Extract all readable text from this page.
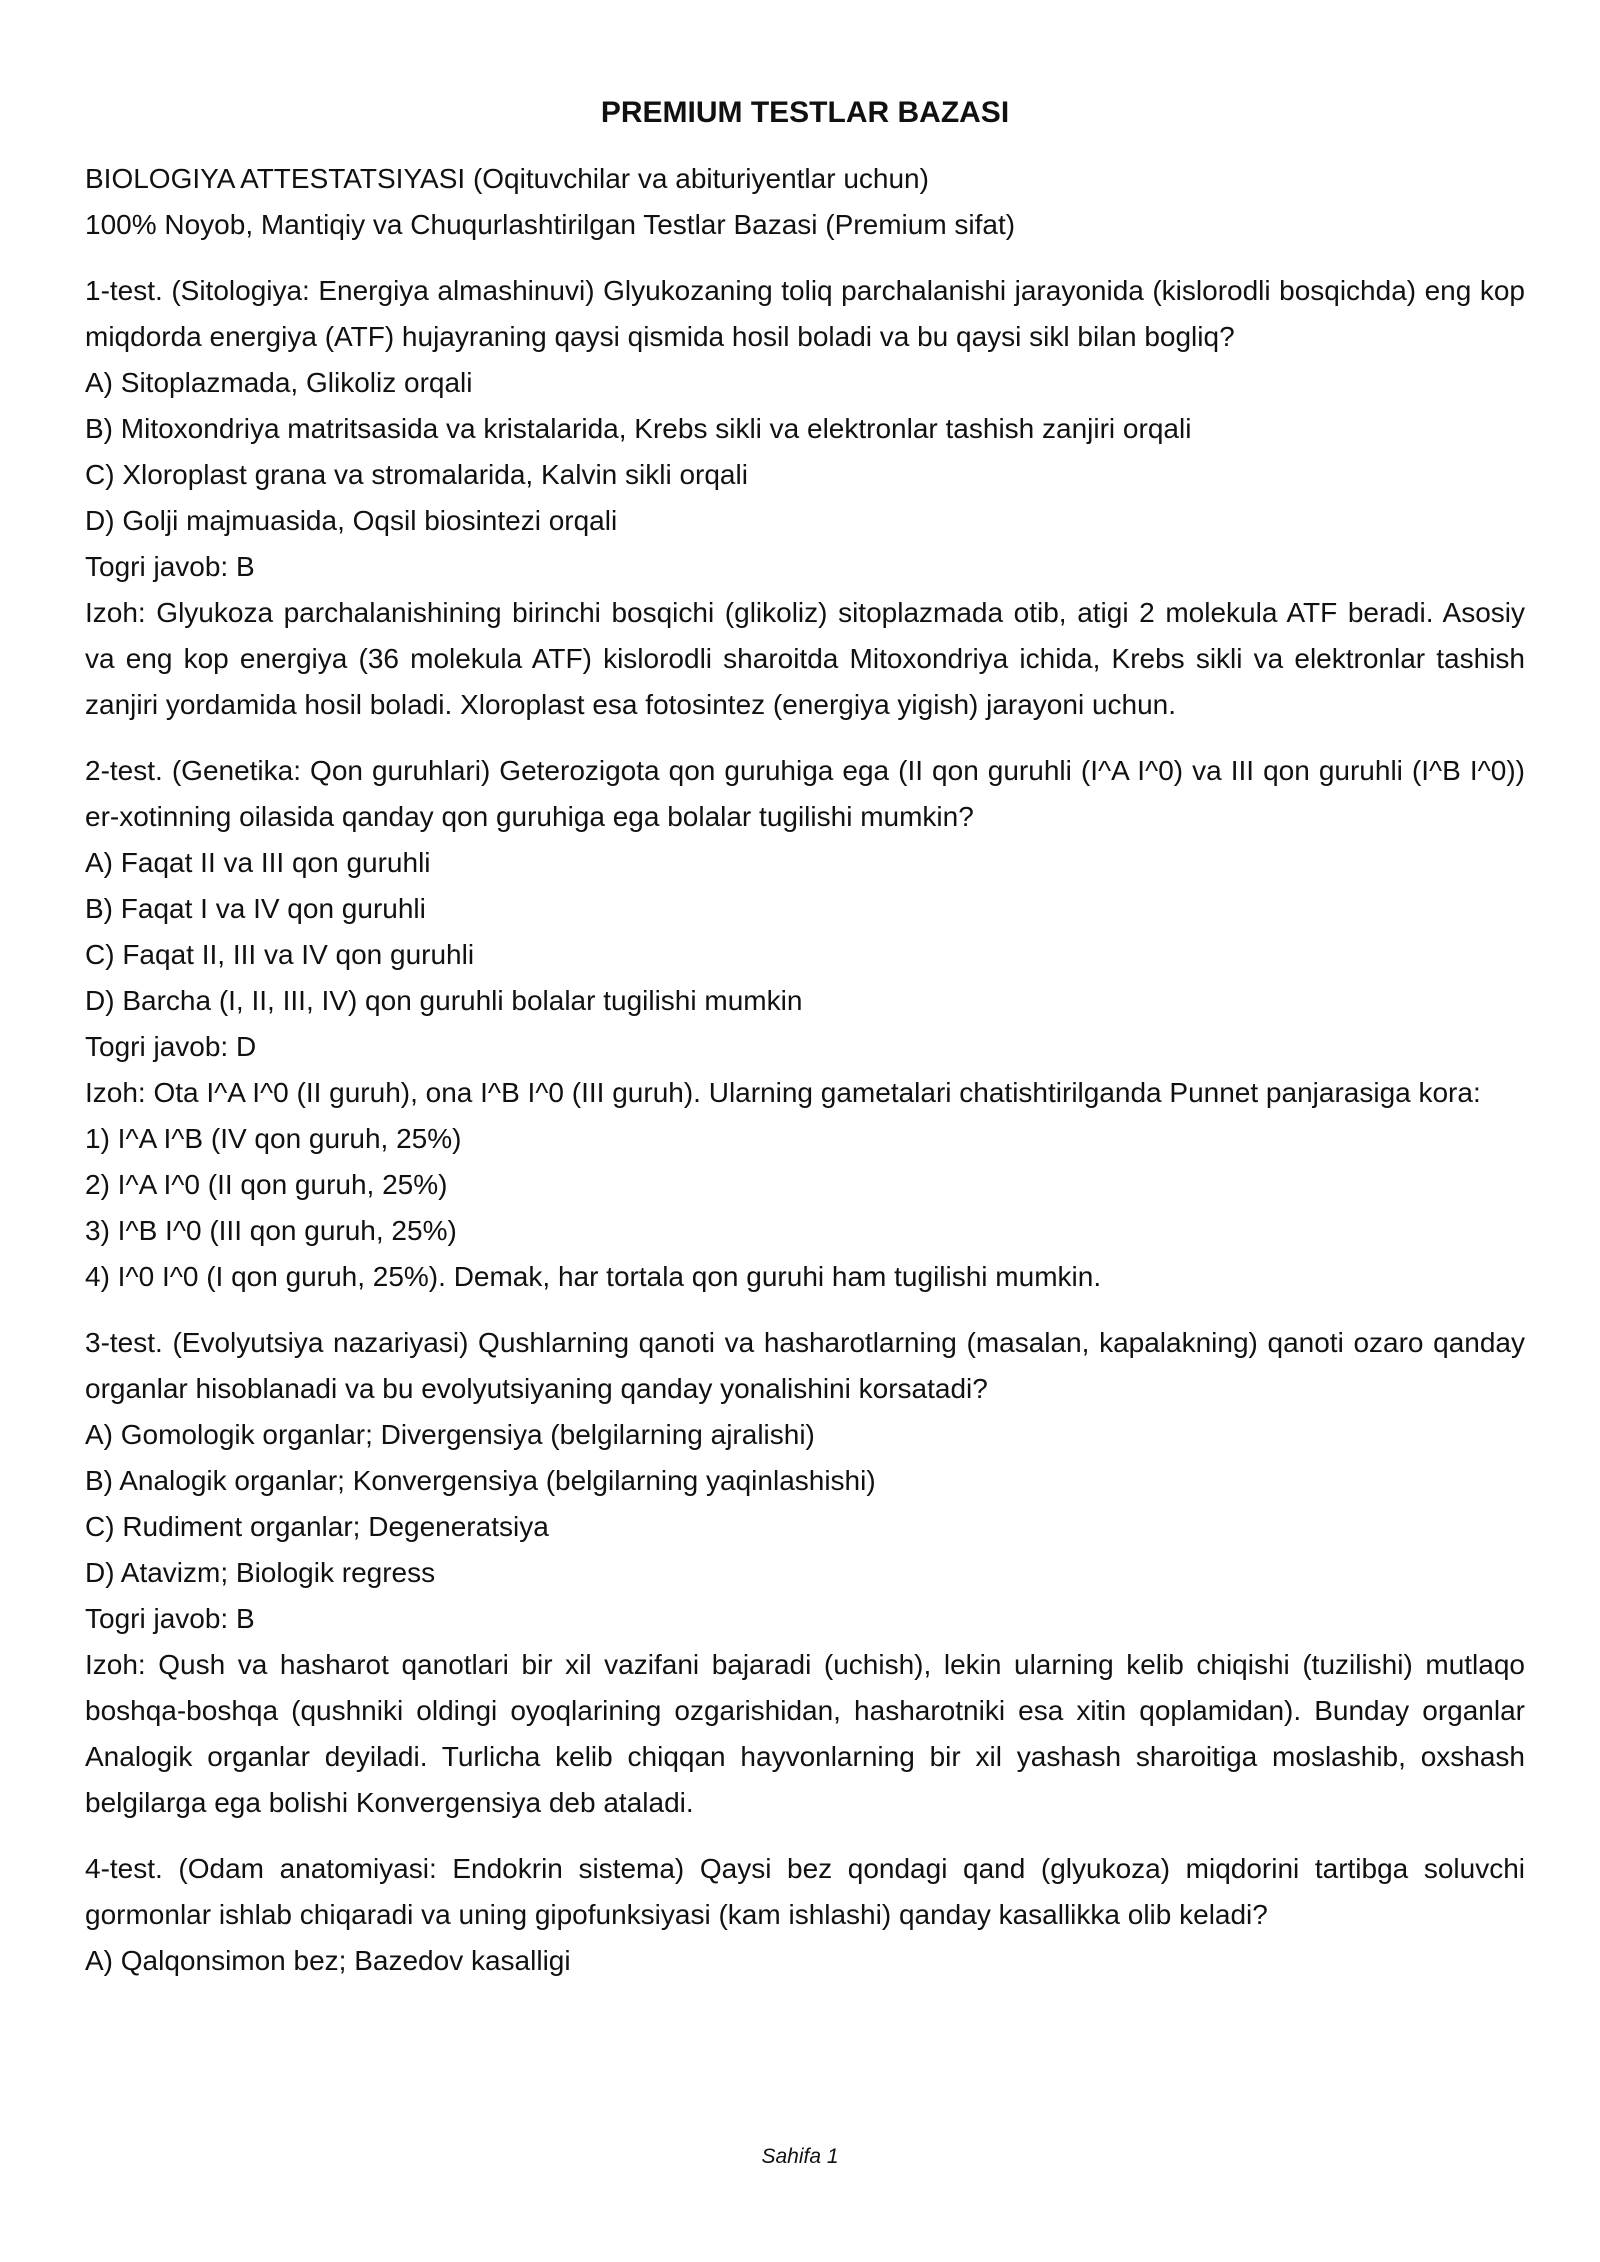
PREMIUM TESTLAR BAZASI

BIOLOGIYA ATTESTATSIYASI (Oqituvchilar va abituriyentlar uchun)

100% Noyob, Mantiqiy va Chuqurlashtirilgan Testlar Bazasi (Premium sifat)

1-test. (Sitologiya: Energiya almashinuvi) Glyukozaning toliq parchalanishi jarayonida (kislorodli bosqichda) eng kop miqdorda energiya (ATF) hujayraning qaysi qismida hosil boladi va bu qaysi sikl bilan bogliq?

A) Sitoplazmada, Glikoliz orqali

B) Mitoxondriya matritsasida va kristalarida, Krebs sikli va elektronlar tashish zanjiri orqali

C) Xloroplast grana va stromalarida, Kalvin sikli orqali

D) Golji majmuasida, Oqsil biosintezi orqali

Togri javob: B

Izoh: Glyukoza parchalanishining birinchi bosqichi (glikoliz) sitoplazmada otib, atigi 2 molekula ATF beradi. Asosiy va eng kop energiya (36 molekula ATF) kislorodli sharoitda Mitoxondriya ichida, Krebs sikli va elektronlar tashish zanjiri yordamida hosil boladi. Xloroplast esa fotosintez (energiya yigish) jarayoni uchun.

2-test. (Genetika: Qon guruhlari) Geterozigota qon guruhiga ega (II qon guruhli (I^A I^0) va III qon guruhli (I^B I^0)) er-xotinning oilasida qanday qon guruhiga ega bolalar tugilishi mumkin?

A) Faqat II va III qon guruhli

B) Faqat I va IV qon guruhli

C) Faqat II, III va IV qon guruhli

D) Barcha (I, II, III, IV) qon guruhli bolalar tugilishi mumkin

Togri javob: D

Izoh: Ota I^A I^0 (II guruh), ona I^B I^0 (III guruh). Ularning gametalari chatishtirilganda Punnet panjarasiga kora:

1) I^A I^B (IV qon guruh, 25%)

2) I^A I^0 (II qon guruh, 25%)

3) I^B I^0 (III qon guruh, 25%)

4) I^0 I^0 (I qon guruh, 25%). Demak, har tortala qon guruhi ham tugilishi mumkin.

3-test. (Evolyutsiya nazariyasi) Qushlarning qanoti va hasharotlarning (masalan, kapalakning) qanoti ozaro qanday organlar hisoblanadi va bu evolyutsiyaning qanday yonalishini korsatadi?

A) Gomologik organlar; Divergensiya (belgilarning ajralishi)

B) Analogik organlar; Konvergensiya (belgilarning yaqinlashishi)

C) Rudiment organlar; Degeneratsiya

D) Atavizm; Biologik regress

Togri javob: B

Izoh: Qush va hasharot qanotlari bir xil vazifani bajaradi (uchish), lekin ularning kelib chiqishi (tuzilishi) mutlaqo boshqa-boshqa (qushniki oldingi oyoqlarining ozgarishidan, hasharotniki esa xitin qoplamidan). Bunday organlar Analogik organlar deyiladi. Turlicha kelib chiqqan hayvonlarning bir xil yashash sharoitiga moslashib, oxshash belgilarga ega bolishi Konvergensiya deb ataladi.

4-test. (Odam anatomiyasi: Endokrin sistema) Qaysi bez qondagi qand (glyukoza) miqdorini tartibga soluvchi gormonlar ishlab chiqaradi va uning gipofunksiyasi (kam ishlashi) qanday kasallikka olib keladi?

A) Qalqonsimon bez; Bazedov kasalligi

Sahifa 1
